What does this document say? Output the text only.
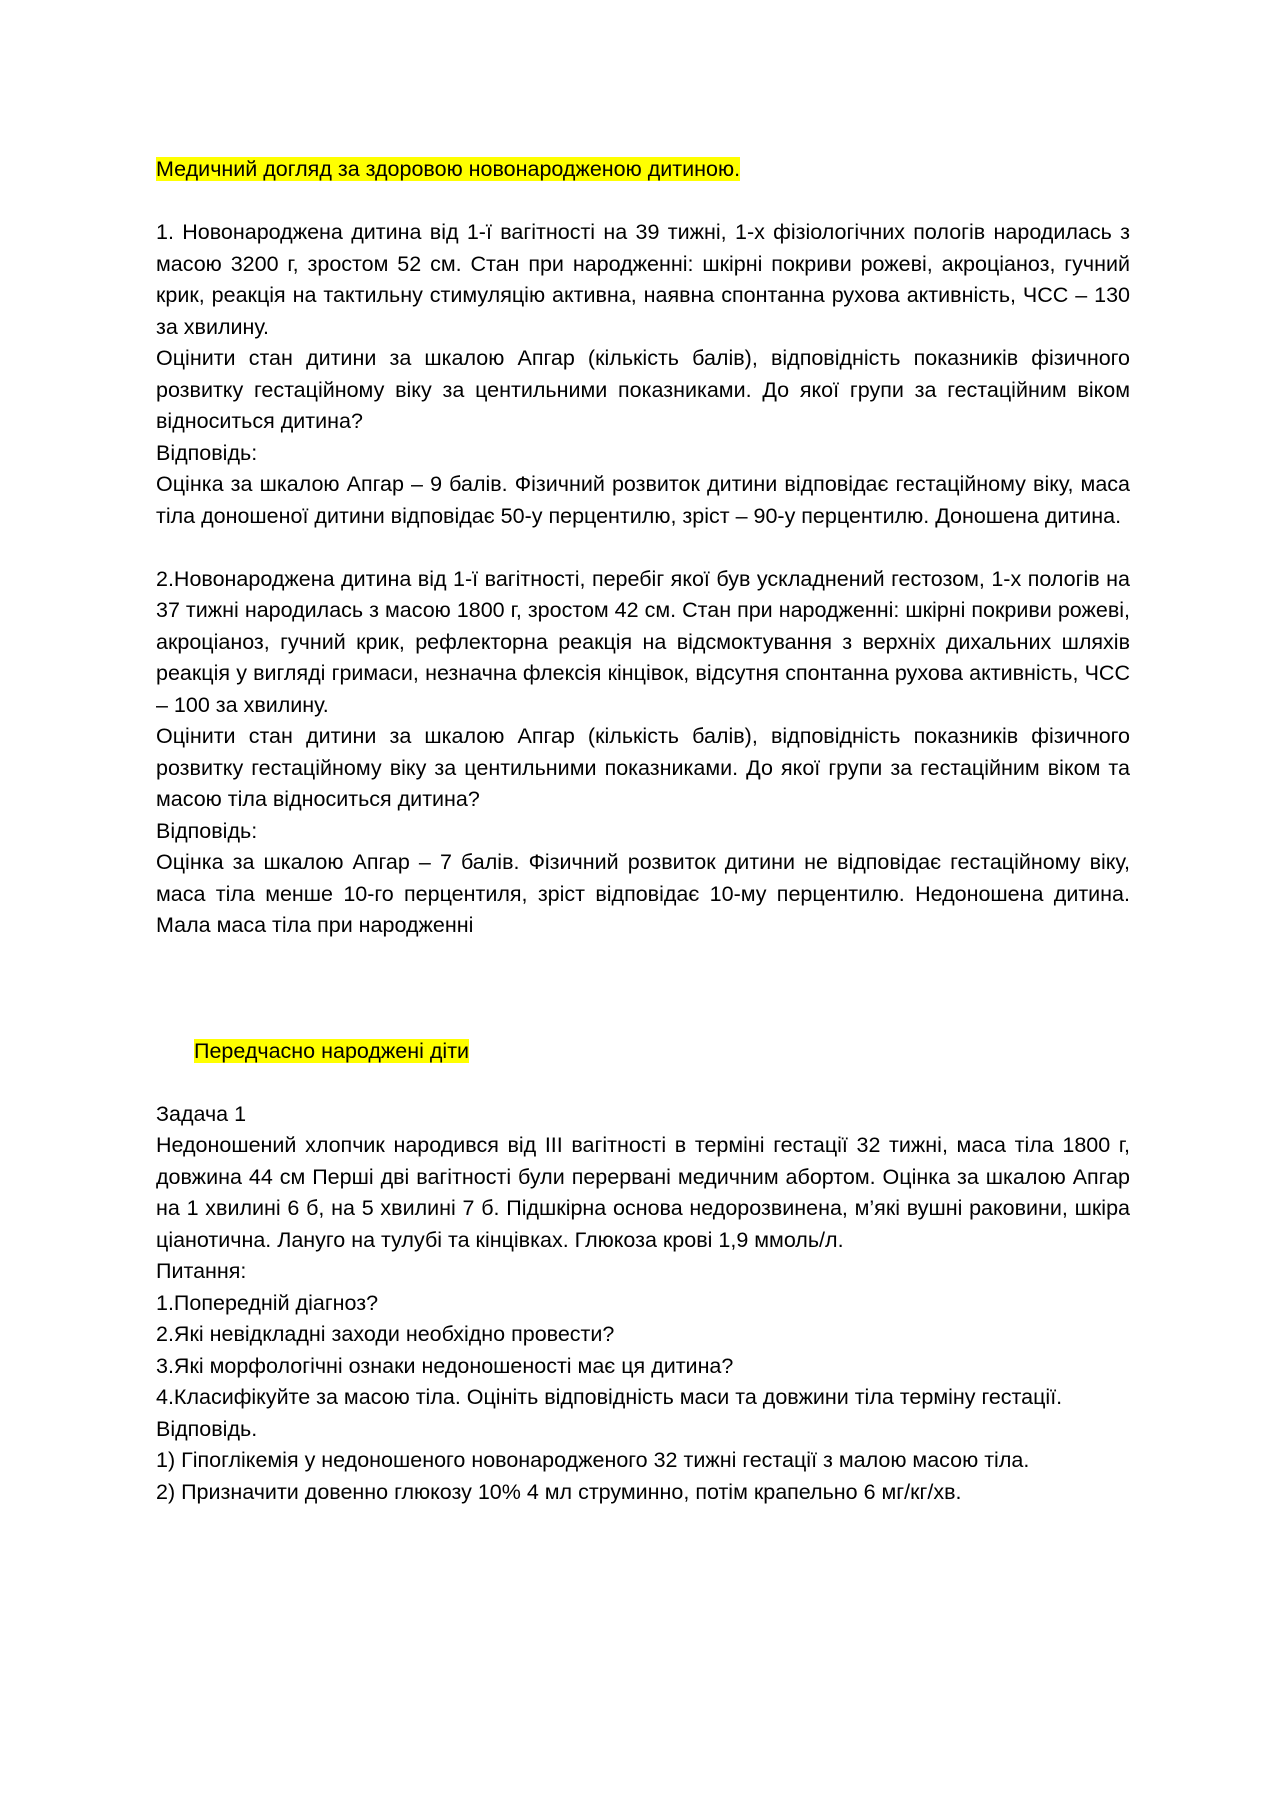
Медичний догляд за здоровою новонародженою дитиною.

1. Новонароджена дитина від 1-ї вагітності на 39 тижні, 1-х фізіологічних пологів народилась з масою 3200 г, зростом 52 см. Стан при народженні: шкірні покриви рожеві, акроціаноз, гучний крик, реакція на тактильну стимуляцію активна, наявна спонтанна рухова активність, ЧСС – 130 за хвилину.

Оцінити стан дитини за шкалою Апгар (кількість балів), відповідність показників фізичного розвитку гестаційному віку за центильними показниками. До якої групи за гестаційним віком відноситься дитина?

Відповідь:

Оцінка за шкалою Апгар – 9 балів. Фізичний розвиток дитини відповідає гестаційному віку, маса тіла доношеної дитини відповідає 50-у перцентилю, зріст – 90-у перцентилю. Доношена дитина.

2.Новонароджена дитина від 1-ї вагітності, перебіг якої був ускладнений гестозом, 1-х пологів на 37 тижні народилась з масою 1800 г, зростом 42 см. Стан при народженні: шкірні покриви рожеві, акроціаноз, гучний крик, рефлекторна реакція на відсмоктування з верхніх дихальних шляхів реакція у вигляді гримаси, незначна флексія кінцівок, відсутня спонтанна рухова активність, ЧСС – 100 за хвилину.

Оцінити стан дитини за шкалою Апгар (кількість балів), відповідність показників фізичного розвитку гестаційному віку за центильними показниками. До якої групи за гестаційним віком та масою тіла відноситься дитина?

Відповідь:

Оцінка за шкалою Апгар – 7 балів. Фізичний розвиток дитини не відповідає гестаційному віку, маса тіла менше 10-го перцентиля, зріст відповідає 10-му перцентилю. Недоношена дитина. Мала маса тіла при народженні

Передчасно народжені діти

Задача 1

Недоношений хлопчик народився від ІІІ вагітності в терміні гестації 32 тижні, маса тіла 1800 г, довжина 44 см Перші дві вагітності були перервані медичним абортом. Оцінка за шкалою Апгар на 1 хвилині 6 б, на 5 хвилині 7 б. Підшкірна основа недорозвинена, м’які вушні раковини, шкіра ціанотична. Лануго на тулубі та кінцівках. Глюкоза крові 1,9 ммоль/л.

Питання:

1.Попередній діагноз?

2.Які невідкладні заходи необхідно провести?

3.Які морфологічні ознаки недоношеності має ця дитина?

4.Класифікуйте за масою тіла. Оцініть відповідність маси та довжини тіла терміну гестації.

Відповідь.

1) Гіпоглікемія у недоношеного новонародженого 32 тижні гестації з малою масою тіла.

2) Призначити довенно глюкозу 10% 4 мл струминно, потім крапельно 6 мг/кг/хв.
